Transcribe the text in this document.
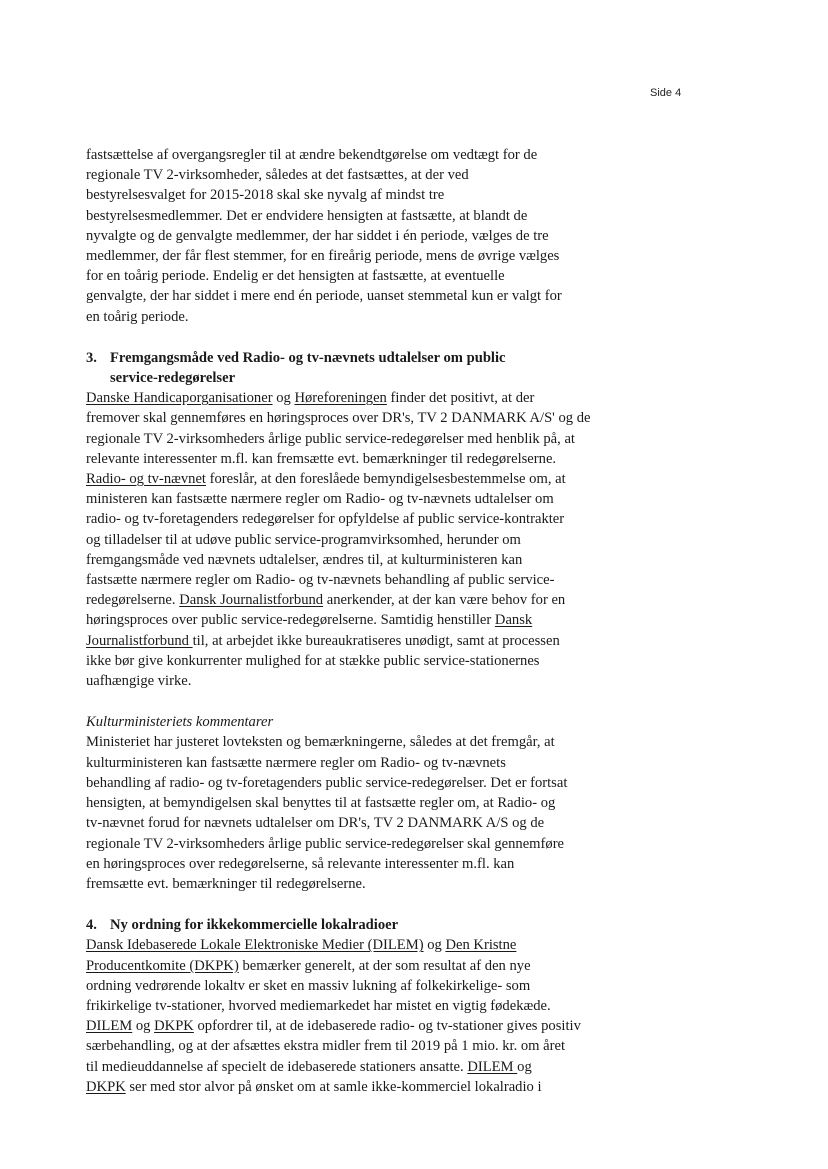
Side 4

fastsættelse af overgangsregler til at ændre bekendtgørelse om vedtægt for de
regionale TV 2-virksomheder, således at det fastsættes, at der ved
bestyrelsesvalget for 2015-2018 skal ske nyvalg af mindst tre
bestyrelsesmedlemmer. Det er endvidere hensigten at fastsætte, at blandt de
nyvalgte og de genvalgte medlemmer, der har siddet i én periode, vælges de tre
medlemmer, der får flest stemmer, for en fireårig periode, mens de øvrige vælges
for en toårig periode. Endelig er det hensigten at fastsætte, at eventuelle
genvalgte, der har siddet i mere end én periode, uanset stemmetal kun er valgt for
en toårig periode.

3. Fremgangsmåde ved Radio- og tv-nævnets udtalelser om public
service-redegørelser

Danske Handicaporganisationer og Høreforeningen finder det positivt, at der
fremover skal gennemføres en høringsproces over DR's, TV 2 DANMARK A/S' og de
regionale TV 2-virksomheders årlige public service-redegørelser med henblik på, at
relevante interessenter m.fl. kan fremsætte evt. bemærkninger til redegørelserne.
Radio- og tv-nævnet foreslår, at den foreslåede bemyndigelsesbestemmelse om, at
ministeren kan fastsætte nærmere regler om Radio- og tv-nævnets udtalelser om
radio- og tv-foretagenders redegørelser for opfyldelse af public service-kontrakter
og tilladelser til at udøve public service-programvirksomhed, herunder om
fremgangsmåde ved nævnets udtalelser, ændres til, at kulturministeren kan
fastsætte nærmere regler om Radio- og tv-nævnets behandling af public service-
redegørelserne. Dansk Journalistforbund anerkender, at der kan være behov for en
høringsproces over public service-redegørelserne. Samtidig henstiller Dansk
Journalistforbund til, at arbejdet ikke bureaukratiseres unødigt, samt at processen
ikke bør give konkurrenter mulighed for at stække public service-stationernes
uafhængige virke.

Kulturministeriets kommentarer

Ministeriet har justeret lovteksten og bemærkningerne, således at det fremgår, at
kulturministeren kan fastsætte nærmere regler om Radio- og tv-nævnets
behandling af radio- og tv-foretagenders public service-redegørelser. Det er fortsat
hensigten, at bemyndigelsen skal benyttes til at fastsætte regler om, at Radio- og
tv-nævnet forud for nævnets udtalelser om DR's, TV 2 DANMARK A/S og de
regionale TV 2-virksomheders årlige public service-redegørelser skal gennemføre
en høringsproces over redegørelserne, så relevante interessenter m.fl. kan
fremsætte evt. bemærkninger til redegørelserne.

4. Ny ordning for ikkekommercielle lokalradioer

Dansk Idebaserede Lokale Elektroniske Medier (DILEM) og Den Kristne
Producentkomite (DKPK) bemærker generelt, at der som resultat af den nye
ordning vedrørende lokaltv er sket en massiv lukning af folkekirkelige- som
frikirkelige tv-stationer, hvorved mediemarkedet har mistet en vigtig fødekæde.
DILEM og DKPK opfordrer til, at de idebaserede radio- og tv-stationer gives positiv
særbehandling, og at der afsættes ekstra midler frem til 2019 på 1 mio. kr. om året
til medieuddannelse af specielt de idebaserede stationers ansatte. DILEM og
DKPK ser med stor alvor på ønsket om at samle ikke-kommerciel lokalradio i
